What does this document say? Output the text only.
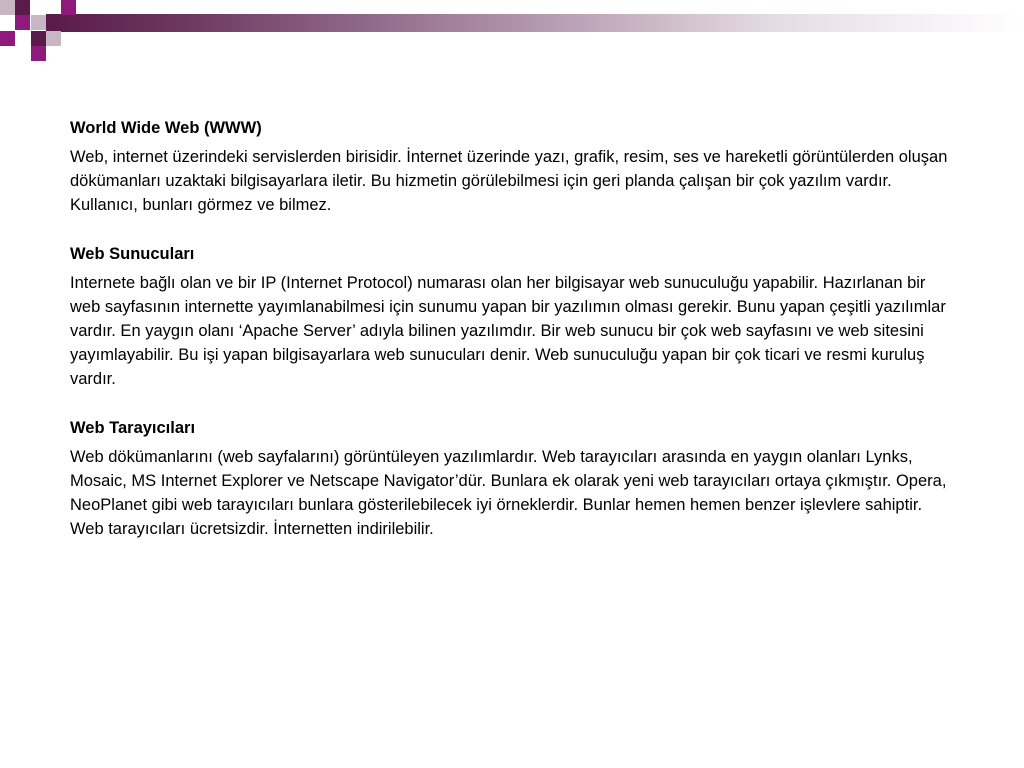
World Wide Web (WWW)

Web, internet üzerindeki servislerden birisidir. İnternet üzerinde yazı, grafik, resim, ses ve hareketli görüntülerden oluşan dökümanları uzaktaki bilgisayarlara iletir. Bu hizmetin görülebilmesi için geri planda çalışan bir çok yazılım vardır. Kullanıcı, bunları görmez ve bilmez.

Web Sunucuları

Internete bağlı olan ve bir IP (Internet Protocol) numarası olan her bilgisayar web sunuculuğu yapabilir. Hazırlanan bir web sayfasının internette yayımlanabilmesi için sunumu yapan bir yazılımın olması gerekir. Bunu yapan çeşitli yazılımlar vardır. En yaygın olanı ‘Apache Server’ adıyla bilinen yazılımdır. Bir web sunucu bir çok web sayfasını ve web sitesini yayımlayabilir. Bu işi yapan bilgisayarlara web sunucuları denir. Web sunuculuğu yapan bir çok ticari ve resmi kuruluş vardır.

Web Tarayıcıları

Web dökümanlarını (web sayfalarını) görüntüleyen yazılımlardır. Web tarayıcıları arasında en yaygın olanları Lynks, Mosaic, MS Internet Explorer ve Netscape Navigator’dür. Bunlara ek olarak yeni web tarayıcıları ortaya çıkmıştır. Opera, NeoPlanet gibi web tarayıcıları bunlara gösterilebilecek iyi örneklerdir. Bunlar hemen hemen benzer işlevlere sahiptir. Web tarayıcıları ücretsizdir. İnternetten indirilebilir.
